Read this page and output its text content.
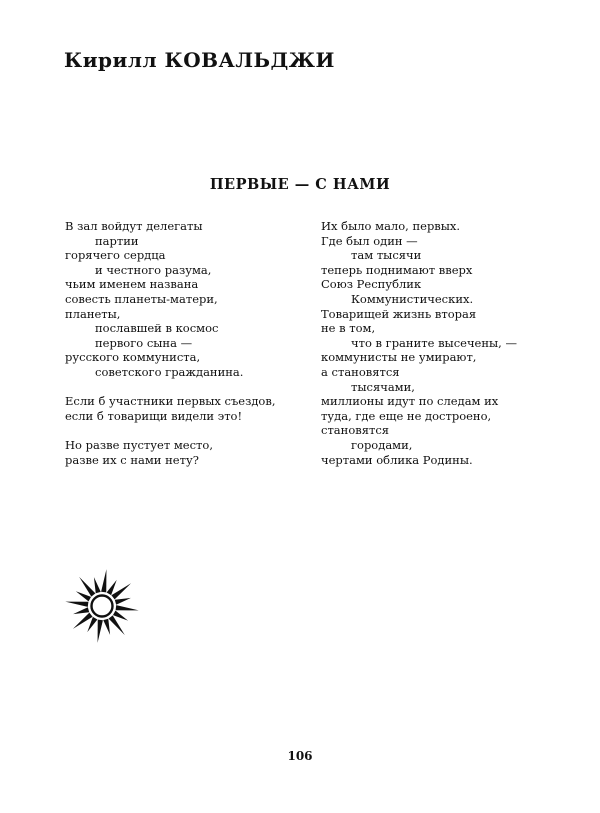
Кирилл КОВАЛЬДЖИ
ПЕРВЫЕ — С НАМИ
В зал войдут делегаты
партии
горячего сердца
и честного разума,
чьим именем названа
совесть планеты-матери,
планеты,
пославшей в космос
первого сына —
русского коммуниста,
советского гражданина.
Если б участники первых съездов,
если б товарищи видели это!
Но разве пустует место,
разве их с нами нету?
Их было мало, первых.
Где был один —
там тысячи
теперь поднимают вверх
Союз Республик
Коммунистических.
Товарищей жизнь вторая
не в том,
что в граните высечены, —
коммунисты не умирают,
а становятся
тысячами,
миллионы идут по следам их
туда, где еще не достроено,
становятся
городами,
чертами облика Родины.
106
